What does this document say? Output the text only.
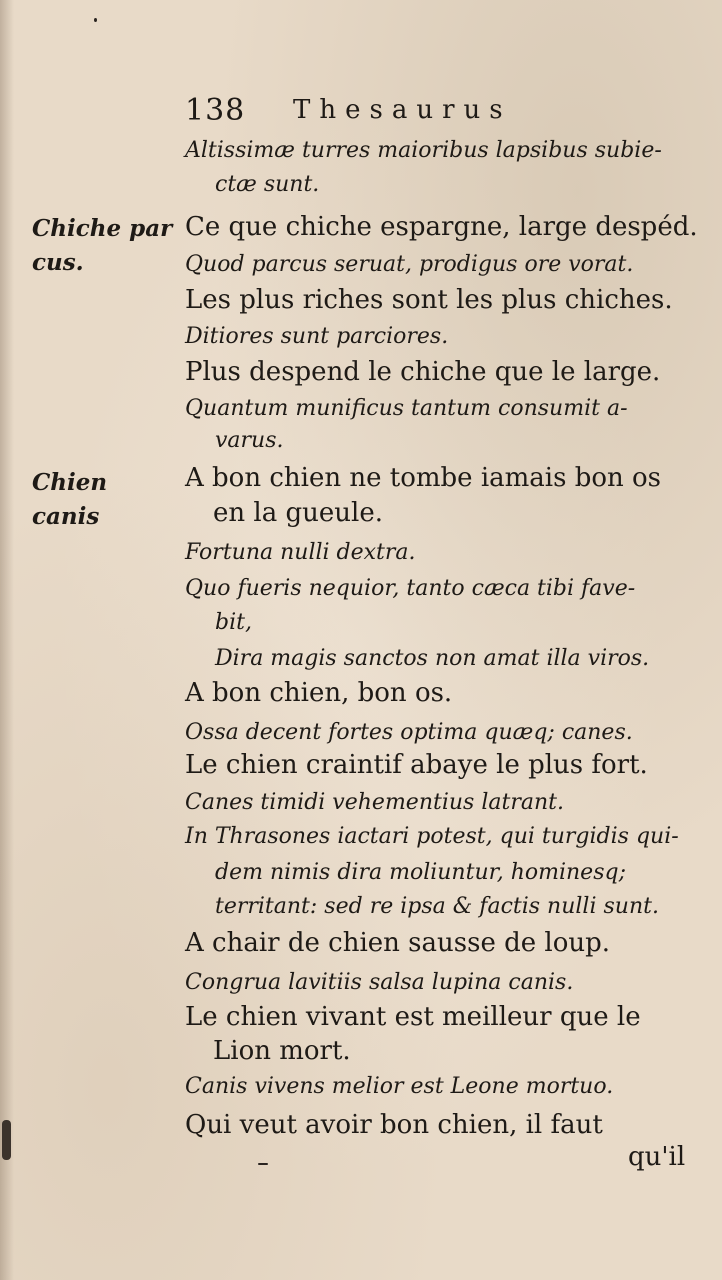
138 Thesaurus
Chiche par
cus.
Chien canis
Altissimæ turres maioribus lapsibus subie-
ctæ sunt.
Ce que chiche espargne, large despéd.
Quod parcus seruat, prodigus ore vorat.
Les plus riches sont les plus chiches.
Ditiores sunt parciores.
Plus despend le chiche que le large.
Quantum munificus tantum consumit a-
varus.
A bon chien ne tombe iamais bon os
en la gueule.
Fortuna nulli dextra.
Quo fueris nequior, tanto cæca tibi fave-
bit,
Dira magis sanctos non amat illa viros.
A bon chien, bon os.
Ossa decent fortes optima quæq; canes.
Le chien craintif abaye le plus fort.
Canes timidi vehementius latrant.
In Thrasones iactari potest, qui turgidis qui-
dem nimis dira moliuntur, hominesq;
territant: sed re ipsa & factis nulli sunt.
A chair de chien sausse de loup.
Congrua lavitiis salsa lupina canis.
Le chien vivant est meilleur que le
Lion mort.
Canis vivens melior est Leone mortuo.
Qui veut avoir bon chien, il faut
qu'il
